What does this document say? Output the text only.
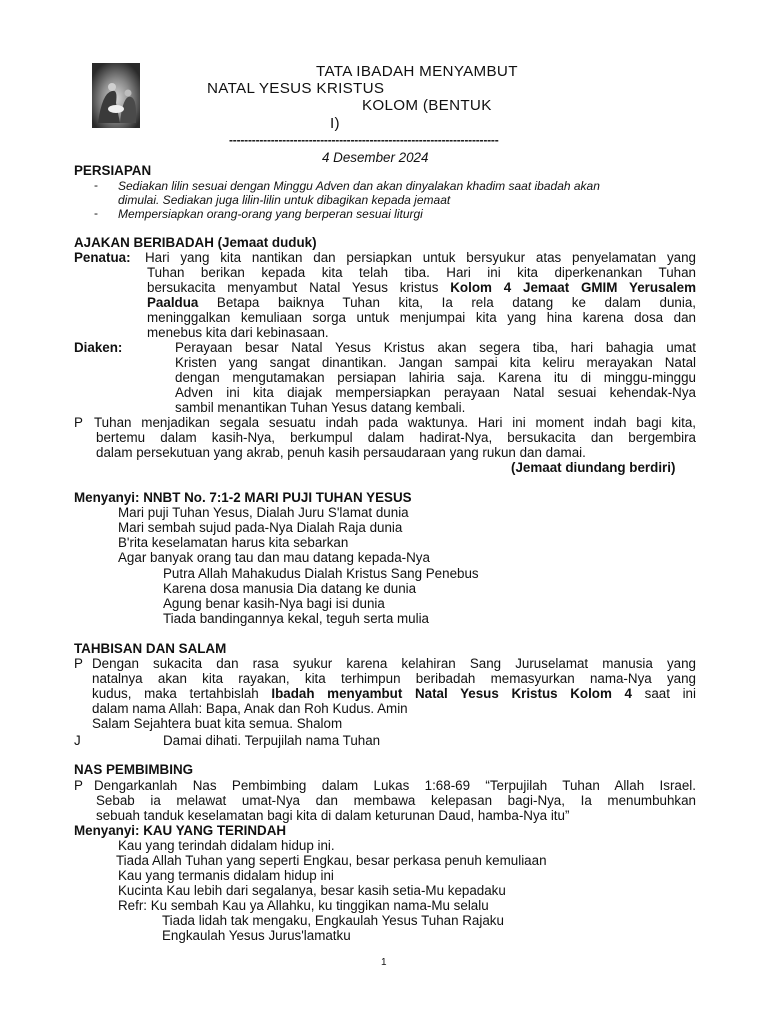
TATA IBADAH MENYAMBUT
NATAL YESUS KRISTUS
KOLOM (BENTUK
I)
-----------------------------------------------------------------------
4 Desember 2024
PERSIAPAN
- Sediakan lilin sesuai dengan Minggu Adven dan akan dinyalakan khadim saat ibadah akan
dimulai. Sediakan juga lilin-lilin untuk dibagikan kepada jemaat
- Mempersiapkan orang-orang yang berperan sesuai liturgi
AJAKAN BERIBADAH (Jemaat duduk)
Penatua: Hari yang kita nantikan dan persiapkan untuk bersyukur atas penyelamatan yang
Tuhan berikan kepada kita telah tiba. Hari ini kita diperkenankan Tuhan
bersukacita menyambut Natal Yesus kristus Kolom 4 Jemaat GMIM Yerusalem
Paaldua Betapa baiknya Tuhan kita, Ia rela datang ke dalam dunia,
meninggalkan kemuliaan sorga untuk menjumpai kita yang hina karena dosa dan
menebus kita dari kebinasaan.
Diaken:	Perayaan besar Natal Yesus Kristus akan segera tiba, hari bahagia umat
Kristen yang sangat dinantikan. Jangan sampai kita keliru merayakan Natal
dengan mengutamakan persiapan lahiria saja. Karena itu di minggu-minggu
Adven ini kita diajak mempersiapkan perayaan Natal sesuai kehendak-Nya
sambil menantikan Tuhan Yesus datang kembali.
P Tuhan menjadikan segala sesuatu indah pada waktunya. Hari ini moment indah bagi kita,
bertemu dalam kasih-Nya, berkumpul dalam hadirat-Nya, bersukacita dan bergembira
dalam persekutuan yang akrab, penuh kasih persaudaraan yang rukun dan damai.
(Jemaat diundang berdiri)
Menyanyi: NNBT No. 7:1-2 MARI PUJI TUHAN YESUS
Mari puji Tuhan Yesus, Dialah Juru S'lamat dunia
Mari sembah sujud pada-Nya Dialah Raja dunia
B'rita keselamatan harus kita sebarkan
Agar banyak orang tau dan mau datang kepada-Nya
Putra Allah Mahakudus Dialah Kristus Sang Penebus
Karena dosa manusia Dia datang ke dunia
Agung benar kasih-Nya bagi isi dunia
Tiada bandingannya kekal, teguh serta mulia
TAHBISAN DAN SALAM
P Dengan sukacita dan rasa syukur karena kelahiran Sang Juruselamat manusia yang
natalnya akan kita rayakan, kita terhimpun beribadah memasyurkan nama-Nya yang
kudus, maka tertahbislah Ibadah menyambut Natal Yesus Kristus Kolom 4 saat ini
dalam nama Allah: Bapa, Anak dan Roh Kudus. Amin
Salam Sejahtera buat kita semua. Shalom
J	Damai dihati. Terpujilah nama Tuhan
NAS PEMBIMBING
P Dengarkanlah Nas Pembimbing dalam Lukas 1:68-69 “Terpujilah Tuhan Allah Israel.
Sebab ia melawat umat-Nya dan membawa kelepasan bagi-Nya, Ia menumbuhkan
sebuah tanduk keselamatan bagi kita di dalam keturunan Daud, hamba-Nya itu”
Menyanyi: KAU YANG TERINDAH
Kau yang terindah didalam hidup ini.
Tiada Allah Tuhan yang seperti Engkau, besar perkasa penuh kemuliaan
Kau yang termanis didalam hidup ini
Kucinta Kau lebih dari segalanya, besar kasih setia-Mu kepadaku
Refr: Ku sembah Kau ya Allahku, ku tinggikan nama-Mu selalu
Tiada lidah tak mengaku, Engkaulah Yesus Tuhan Rajaku
Engkaulah Yesus Jurus'lamatku
1
